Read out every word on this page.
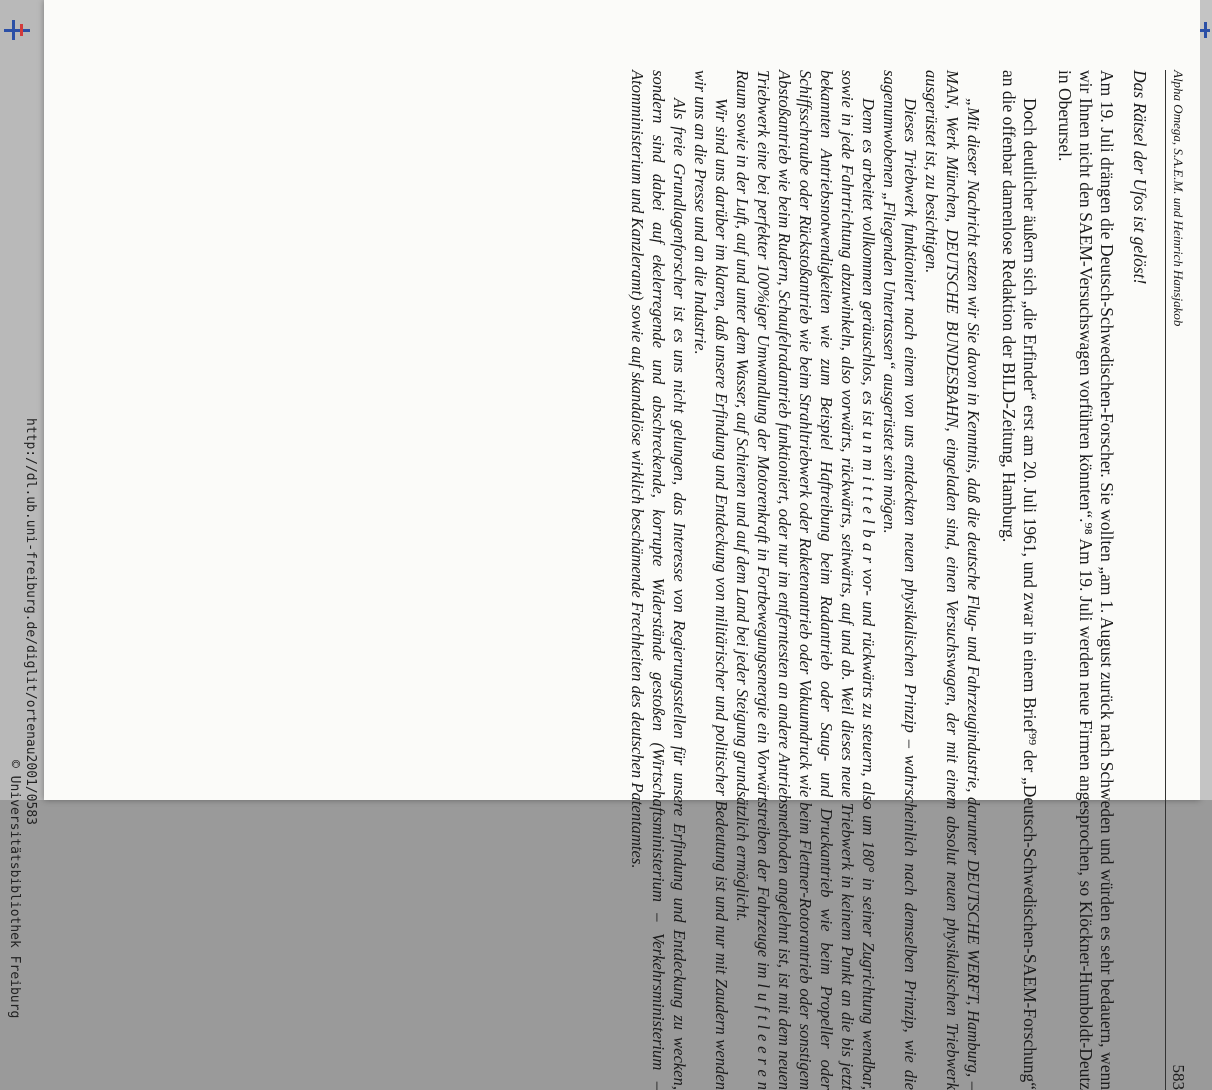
http://dl.ub.uni-freiburg.de/diglit/ortenau2001/0583
© Universitätsbibliothek Freiburg
Alpha Omega, S.A.E.M. und Heinrich Hansjakob
583

Das Rätsel der Ufos ist gelöst!

Am 19. Juli drängen die Deutsch-Schwedischen-Forscher. Sie wollten „am 1. August zurück nach Schweden und würden es sehr bedauern, wenn wir Ihnen nicht den SAEM-Versuchswagen vorführen könnten“.⁹⁸ Am 19. Juli werden neue Firmen angesprochen, so Klöckner-Humboldt-Deutz in Oberursel.

Doch deutlicher äußern sich „die Erfinder“ erst am 20. Juli 1961, und zwar in einem Brief⁹⁹ der „Deutsch-Schwedischen-SAEM-Forschung“ an die offenbar damenlose Redaktion der BILD-Zeitung, Hamburg.

„Mit dieser Nachricht setzen wir Sie davon in Kenntnis, daß die deutsche Flug- und Fahrzeugindustrie, darunter DEUTSCHE WERFT, Hamburg, – MAN, Werk München, DEUTSCHE BUNDESBAHN, eingeladen sind, einen Versuchswagen, der mit einem absolut neuen physikalischen Triebwerk ausgerüstet ist, zu besichtigen.

Dieses Triebwerk funktioniert nach einem von uns entdeckten neuen physikalischen Prinzip – wahrscheinlich nach demselben Prinzip, wie die sagenumwobenen „Fliegenden Untertassen“ ausgerüstet sein mögen.

Denn es arbeitet vollkommen geräuschlos, es ist u n m i t t e l b a r vor- und rückwärts zu steuern, also um 180° in seiner Zugrichtung wendbar, sowie in jede Fahrtrichtung abzuwinkeln, also vorwärts, rückwärts, seitwärts, auf und ab. Weil dieses neue Triebwerk in keinem Punkt an die bis jetzt bekannten Antriebsnotwendigkeiten wie zum Beispiel Haftreibung beim Radantrieb oder Saug- und Druckantrieb wie beim Propeller oder Schiffsschraube oder Rückstoßantrieb wie beim Strahltriebwerk oder Raketenantrieb oder Vakuumdruck wie beim Flettner-Rotorantrieb oder sonstigem Abstoßantrieb wie beim Rudern, Schaufelradantrieb funktioniert, oder nur im entferntesten an andere Antriebsmethoden angelehnt ist, ist mit dem neuen Triebwerk eine bei perfekter 100%iger Umwandlung der Motorenkraft in Fortbewegungsenergie ein Vorwärtstreiben der Fahrzeuge im l u f t l e e r e n Raum sowie in der Luft, auf und unter dem Wasser, auf Schienen und auf dem Land bei jeder Steigung grundsätzlich ermöglicht.

Wir sind uns darüber im klaren, daß unsere Erfindung und Entdeckung von militärischer und politischer Bedeutung ist und nur mit Zaudern wenden wir uns an die Presse und an die Industrie.

Als freie Grundlagenforscher ist es uns nicht gelungen, das Interesse von Regierungsstellen für unsere Erfindung und Entdeckung zu wecken, sondern sind dabei auf ekelerregende und abschreckende, korrupte Widerstände gestoßen (Wirtschaftsministerium – Verkehrsministerium – Atomministerium und Kanzleramt) sowie auf skandalöse wirklich beschämende Frechheiten des deutschen Patentamtes.
